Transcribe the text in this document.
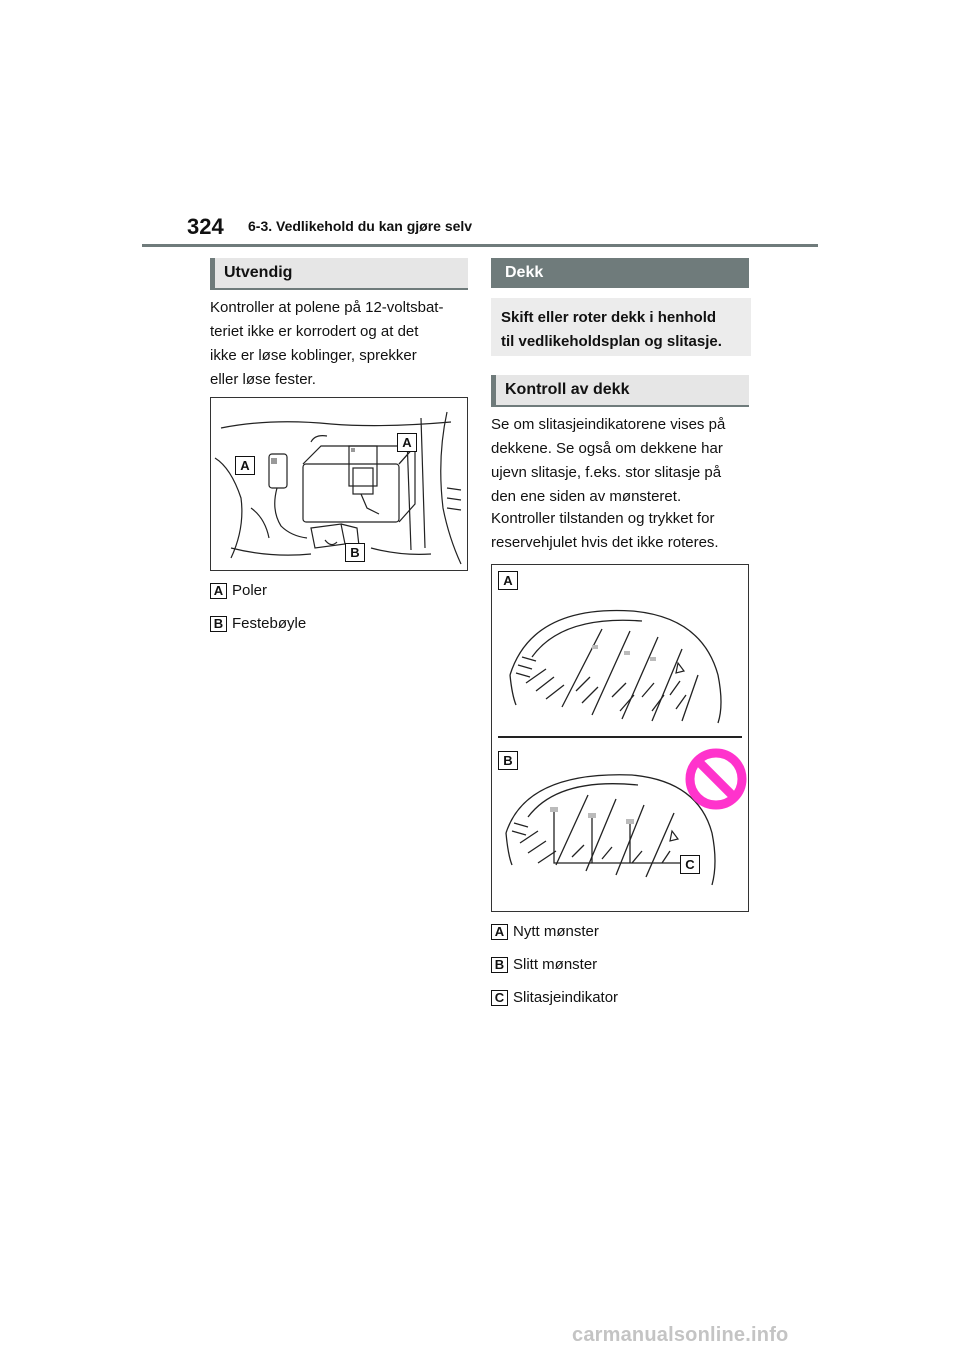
324 6-3. Vedlikehold du kan gjøre selv
Utvendig
Kontroller at polene på 12-voltsbat-
teriet ikke er korrodert og at det
ikke er løse koblinger, sprekker
eller løse fester.
A
A
B
A Poler
B Festebøyle
Dekk
Skift eller roter dekk i henhold
til vedlikeholdsplan og slitasje.
Kontroll av dekk
Se om slitasjeindikatorene vises på
dekkene. Se også om dekkene har
ujevn slitasje, f.eks. stor slitasje på
den ene siden av mønsteret.
Kontroller tilstanden og trykket for
reservehjulet hvis det ikke roteres.
A
B
C
A Nytt mønster
B Slitt mønster
C Slitasjeindikator
carmanualsonline.info
